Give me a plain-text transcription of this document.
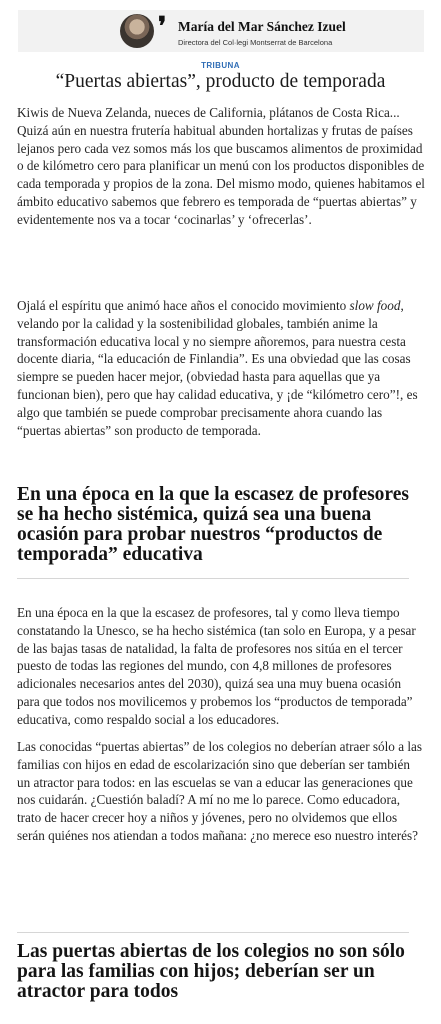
❜ María del Mar Sánchez Izuel
Directora del Col·legi Montserrat de Barcelona
TRIBUNA
“Puertas abiertas”, producto de temporada

Kiwis de Nueva Zelanda, nueces de California, plátanos de Costa Rica... Quizá aún en nuestra frutería habitual abunden hortalizas y frutas de países lejanos pero cada vez somos más los que buscamos alimentos de proximidad o de kilómetro cero para planificar un menú con los productos disponibles de cada temporada y propios de la zona. Del mismo modo, quienes habitamos el ámbito educativo sabemos que febrero es temporada de “puertas abiertas” y evidentemente nos va a tocar ‘cocinarlas’ y ‘ofrecerlas’.

Ojalá el espíritu que animó hace años el conocido movimiento slow food, velando por la calidad y la sostenibilidad globales, también anime la transformación educativa local y no siempre añoremos, para nuestra cesta docente diaria, “la educación de Finlandia”. Es una obviedad que las cosas siempre se pueden hacer mejor, (obviedad hasta para aquellas que ya funcionan bien), pero que hay calidad educativa, y ¡de “kilómetro cero”!, es algo que también se puede comprobar precisamente ahora cuando las “puertas abiertas” son producto de temporada.

En una época en la que la escasez de profesores se ha hecho sistémica, quizá sea una buena ocasión para probar nuestros “productos de temporada” educativa

En una época en la que la escasez de profesores, tal y como lleva tiempo constatando la Unesco, se ha hecho sistémica (tan solo en Europa, y a pesar de las bajas tasas de natalidad, la falta de profesores nos sitúa en el tercer puesto de todas las regiones del mundo, con 4,8 millones de profesores adicionales necesarios antes del 2030), quizá sea una muy buena ocasión para que todos nos movilicemos y probemos los “productos de temporada” educativa, como respaldo social a los educadores.

Las conocidas “puertas abiertas” de los colegios no deberían atraer sólo a las familias con hijos en edad de escolarización sino que deberían ser también un atractor para todos: en las escuelas se van a educar las generaciones que nos cuidarán. ¿Cuestión baladí? A mí no me lo parece. Como educadora, trato de hacer crecer hoy a niños y jóvenes, pero no olvidemos que ellos serán quiénes nos atiendan a todos mañana: ¿no merece eso nuestro interés?

Las puertas abiertas de los colegios no son sólo para las familias con hijos; deberían ser un atractor para todos
